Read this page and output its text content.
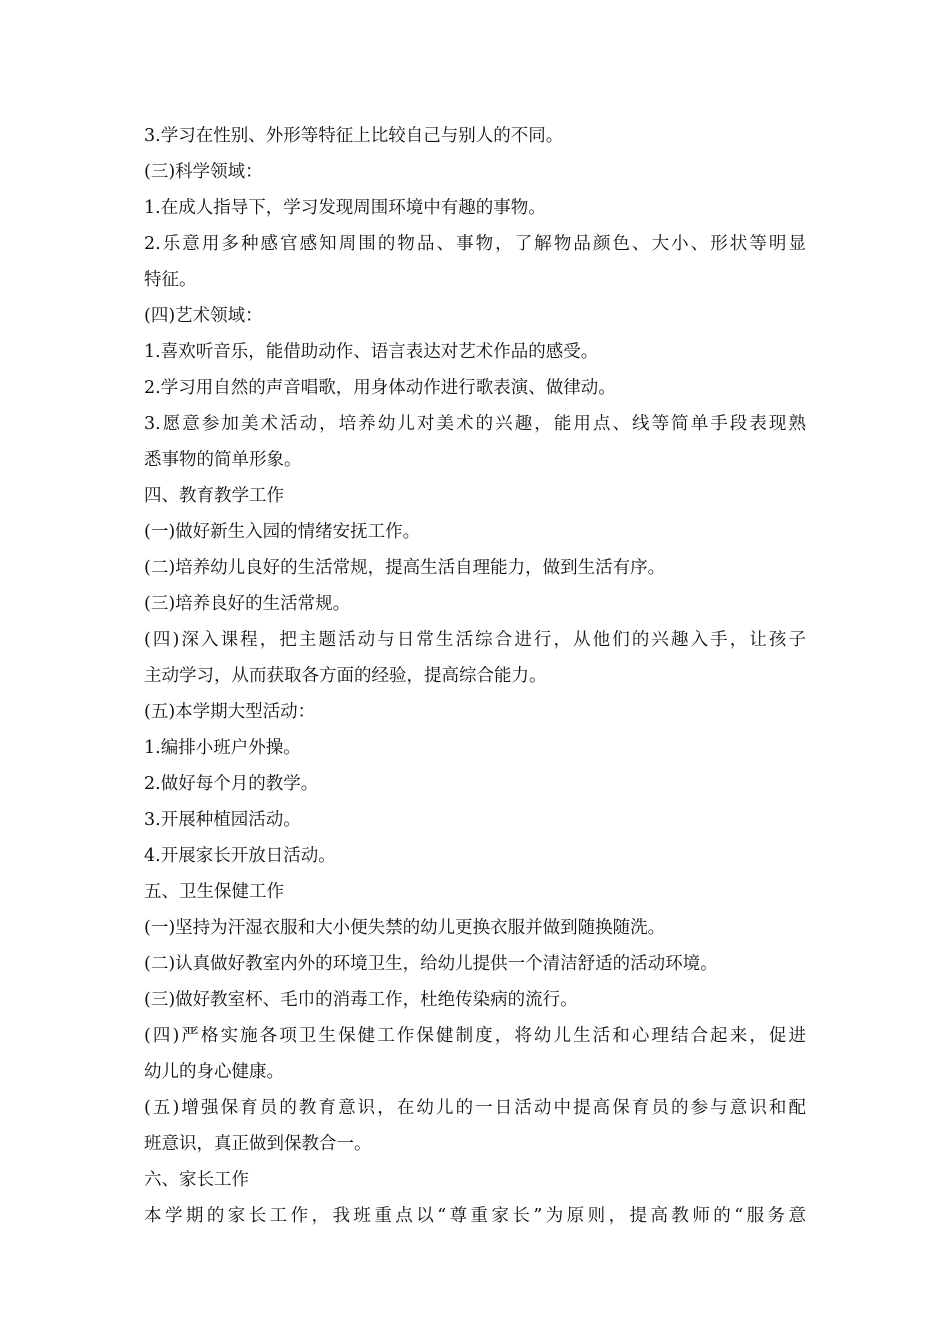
3.学习在性别、外形等特征上比较自己与别人的不同。

(三)科学领域：

1.在成人指导下，学习发现周围环境中有趣的事物。

2.乐意用多种感官感知周围的物品、事物，了解物品颜色、大小、形状等明显

特征。

(四)艺术领域：

1.喜欢听音乐，能借助动作、语言表达对艺术作品的感受。

2.学习用自然的声音唱歌，用身体动作进行歌表演、做律动。

3.愿意参加美术活动，培养幼儿对美术的兴趣，能用点、线等简单手段表现熟

悉事物的简单形象。

四、教育教学工作

(一)做好新生入园的情绪安抚工作。

(二)培养幼儿良好的生活常规，提高生活自理能力，做到生活有序。

(三)培养良好的生活常规。

(四)深入课程，把主题活动与日常生活综合进行，从他们的兴趣入手，让孩子

主动学习，从而获取各方面的经验，提高综合能力。

(五)本学期大型活动：

1.编排小班户外操。

2.做好每个月的教学。

3.开展种植园活动。

4.开展家长开放日活动。

五、卫生保健工作

(一)坚持为汗湿衣服和大小便失禁的幼儿更换衣服并做到随换随洗。

(二)认真做好教室内外的环境卫生，给幼儿提供一个清洁舒适的活动环境。

(三)做好教室杯、毛巾的消毒工作，杜绝传染病的流行。

(四)严格实施各项卫生保健工作保健制度，将幼儿生活和心理结合起来，促进

幼儿的身心健康。

(五)增强保育员的教育意识，在幼儿的一日活动中提高保育员的参与意识和配

班意识，真正做到保教合一。

六、家长工作

本学期的家长工作，我班重点以“尊重家长”为原则，提高教师的“服务意
